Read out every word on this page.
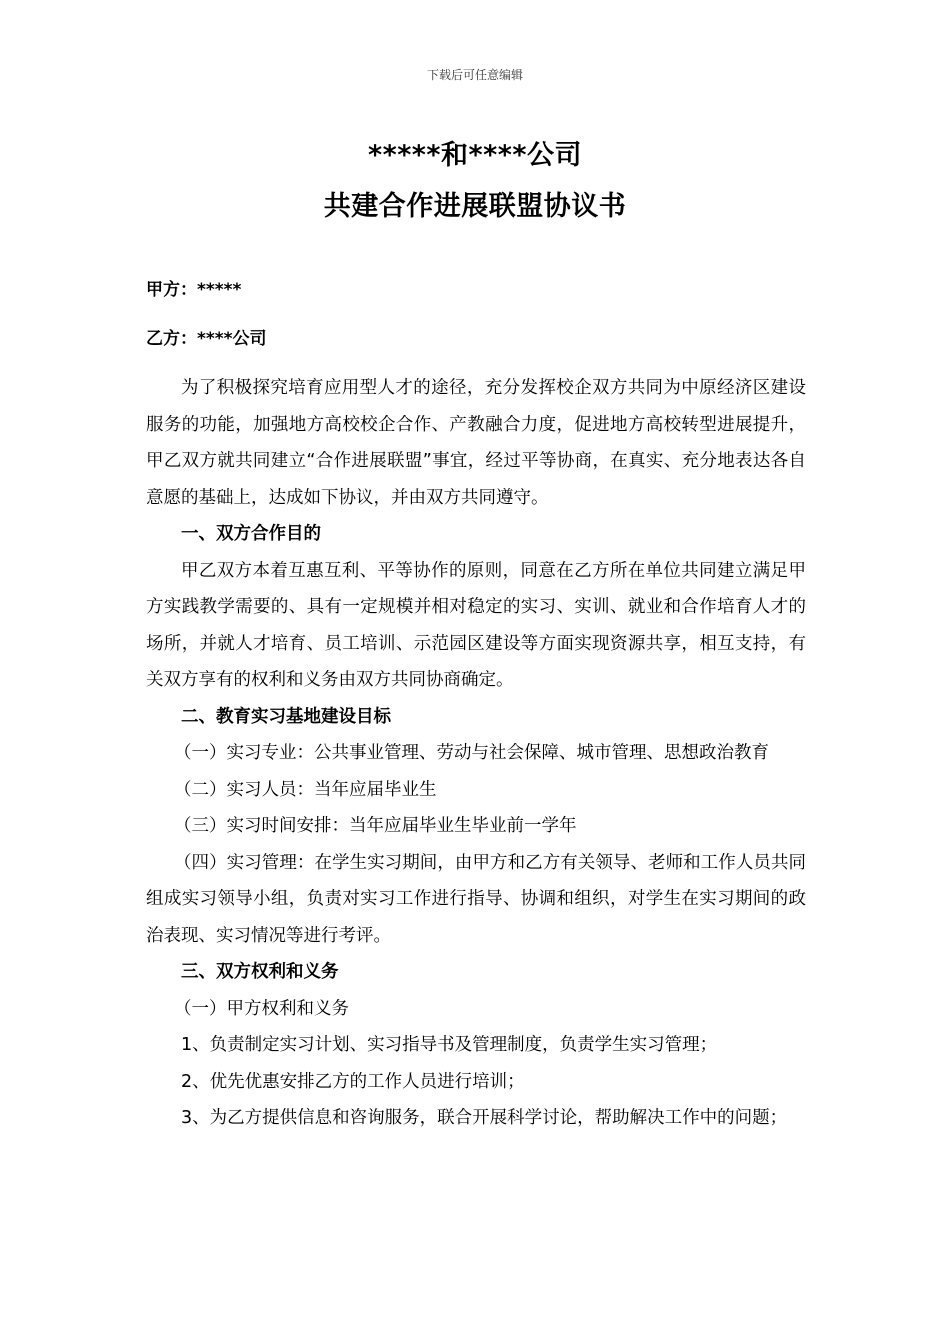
下载后可任意编辑
*****和****公司
共建合作进展联盟协议书
甲方：*****
乙方：****公司

为了积极探究培育应用型人才的途径，充分发挥校企双方共同为中原经济区建设服务的功能，加强地方高校校企合作、产教融合力度，促进地方高校转型进展提升，甲乙双方就共同建立“合作进展联盟”事宜，经过平等协商，在真实、充分地表达各自意愿的基础上，达成如下协议，并由双方共同遵守。

一、双方合作目的

甲乙双方本着互惠互利、平等协作的原则，同意在乙方所在单位共同建立满足甲方实践教学需要的、具有一定规模并相对稳定的实习、实训、就业和合作培育人才的场所，并就人才培育、员工培训、示范园区建设等方面实现资源共享，相互支持，有关双方享有的权利和义务由双方共同协商确定。

二、教育实习基地建设目标

（一）实习专业：公共事业管理、劳动与社会保障、城市管理、思想政治教育

（二）实习人员：当年应届毕业生

（三）实习时间安排：当年应届毕业生毕业前一学年

（四）实习管理：在学生实习期间，由甲方和乙方有关领导、老师和工作人员共同组成实习领导小组，负责对实习工作进行指导、协调和组织，对学生在实习期间的政治表现、实习情况等进行考评。

三、双方权利和义务

（一）甲方权利和义务

1、负责制定实习计划、实习指导书及管理制度，负责学生实习管理；

2、优先优惠安排乙方的工作人员进行培训；

3、为乙方提供信息和咨询服务，联合开展科学讨论，帮助解决工作中的问题；
